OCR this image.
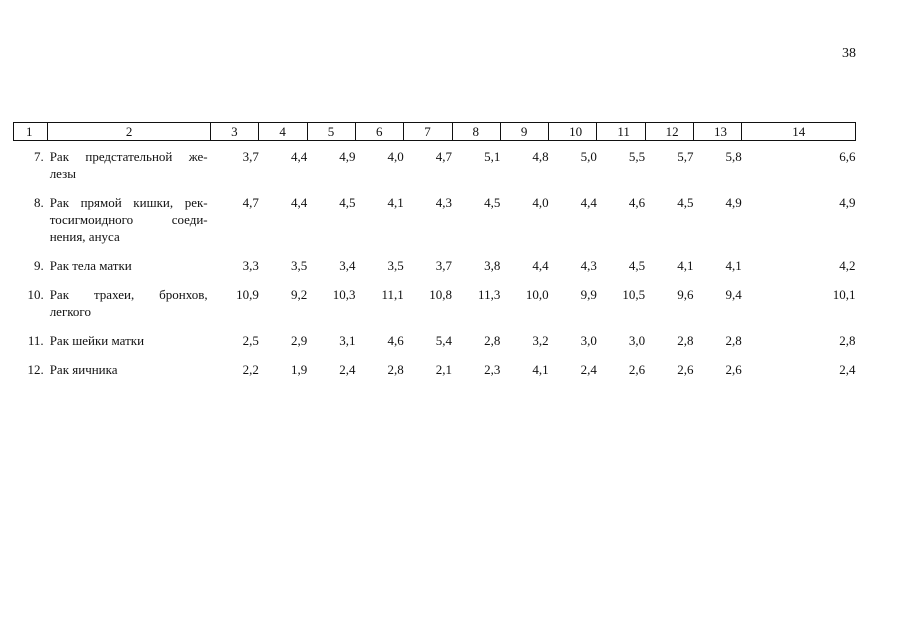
38
1	2	3	4	5	6	7	8	9	10	11	12	13	14
7.	Рак предстательной же-лезы	3,7	4,4	4,9	4,0	4,7	5,1	4,8	5,0	5,5	5,7	5,8	6,6
8.	Рак прямой кишки, рек-тосигмоидного соеди-нения, ануса	4,7	4,4	4,5	4,1	4,3	4,5	4,0	4,4	4,6	4,5	4,9	4,9
9.	Рак тела матки	3,3	3,5	3,4	3,5	3,7	3,8	4,4	4,3	4,5	4,1	4,1	4,2
10.	Рак трахеи, бронхов, легкого	10,9	9,2	10,3	11,1	10,8	11,3	10,0	9,9	10,5	9,6	9,4	10,1
11.	Рак шейки матки	2,5	2,9	3,1	4,6	5,4	2,8	3,2	3,0	3,0	2,8	2,8	2,8
12.	Рак яичника	2,2	1,9	2,4	2,8	2,1	2,3	4,1	2,4	2,6	2,6	2,6	2,4
